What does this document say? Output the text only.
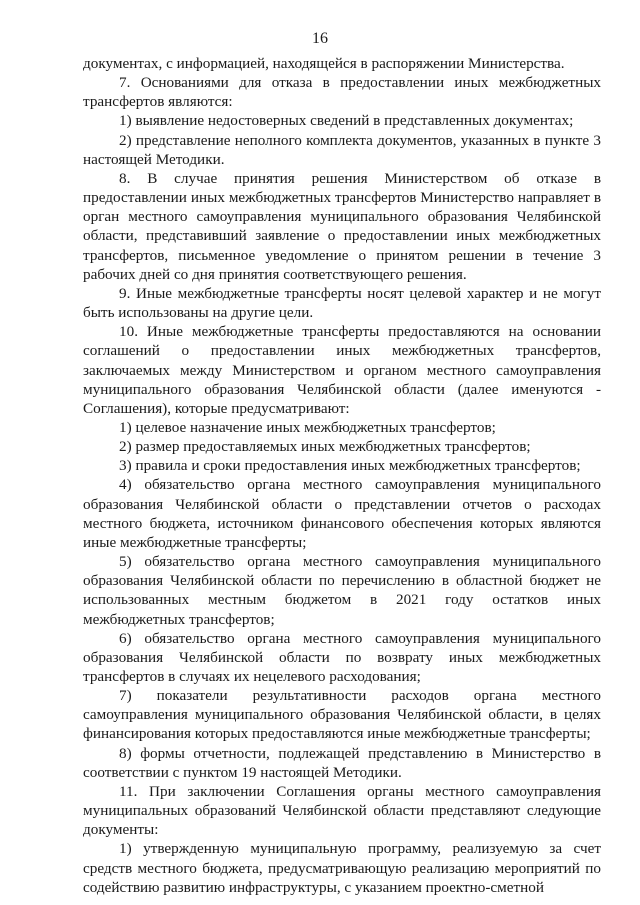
16

документах, с информацией, находящейся в распоряжении Министерства.

7. Основаниями для отказа в предоставлении иных межбюджетных трансфертов являются:

1) выявление недостоверных сведений в представленных документах;

2) представление неполного комплекта документов, указанных в пункте 3 настоящей Методики.

8. В случае принятия решения Министерством об отказе в предоставлении иных межбюджетных трансфертов Министерство направляет в орган местного самоуправления муниципального образования Челябинской области, представивший заявление о предоставлении иных межбюджетных трансфертов, письменное уведомление о принятом решении в течение 3 рабочих дней со дня принятия соответствующего решения.

9. Иные межбюджетные трансферты носят целевой характер и не могут быть использованы на другие цели.

10. Иные межбюджетные трансферты предоставляются на основании соглашений о предоставлении иных межбюджетных трансфертов, заключаемых между Министерством и органом местного самоуправления муниципального образования Челябинской области (далее именуются - Соглашения), которые предусматривают:

1) целевое назначение иных межбюджетных трансфертов;

2) размер предоставляемых иных межбюджетных трансфертов;

3) правила и сроки предоставления иных межбюджетных трансфертов;

4) обязательство органа местного самоуправления муниципального образования Челябинской области о представлении отчетов о расходах местного бюджета, источником финансового обеспечения которых являются иные межбюджетные трансферты;

5) обязательство органа местного самоуправления муниципального образования Челябинской области по перечислению в областной бюджет не использованных местным бюджетом в 2021 году остатков иных межбюджетных трансфертов;

6) обязательство органа местного самоуправления муниципального образования Челябинской области по возврату иных межбюджетных трансфертов в случаях их нецелевого расходования;

7) показатели результативности расходов органа местного самоуправления муниципального образования Челябинской области, в целях финансирования которых предоставляются иные межбюджетные трансферты;

8) формы отчетности, подлежащей представлению в Министерство в соответствии с пунктом 19 настоящей Методики.

11. При заключении Соглашения органы местного самоуправления муниципальных образований Челябинской области представляют следующие документы:

1) утвержденную муниципальную программу, реализуемую за счет средств местного бюджета, предусматривающую реализацию мероприятий по содействию развитию инфраструктуры, с указанием проектно-сметной
